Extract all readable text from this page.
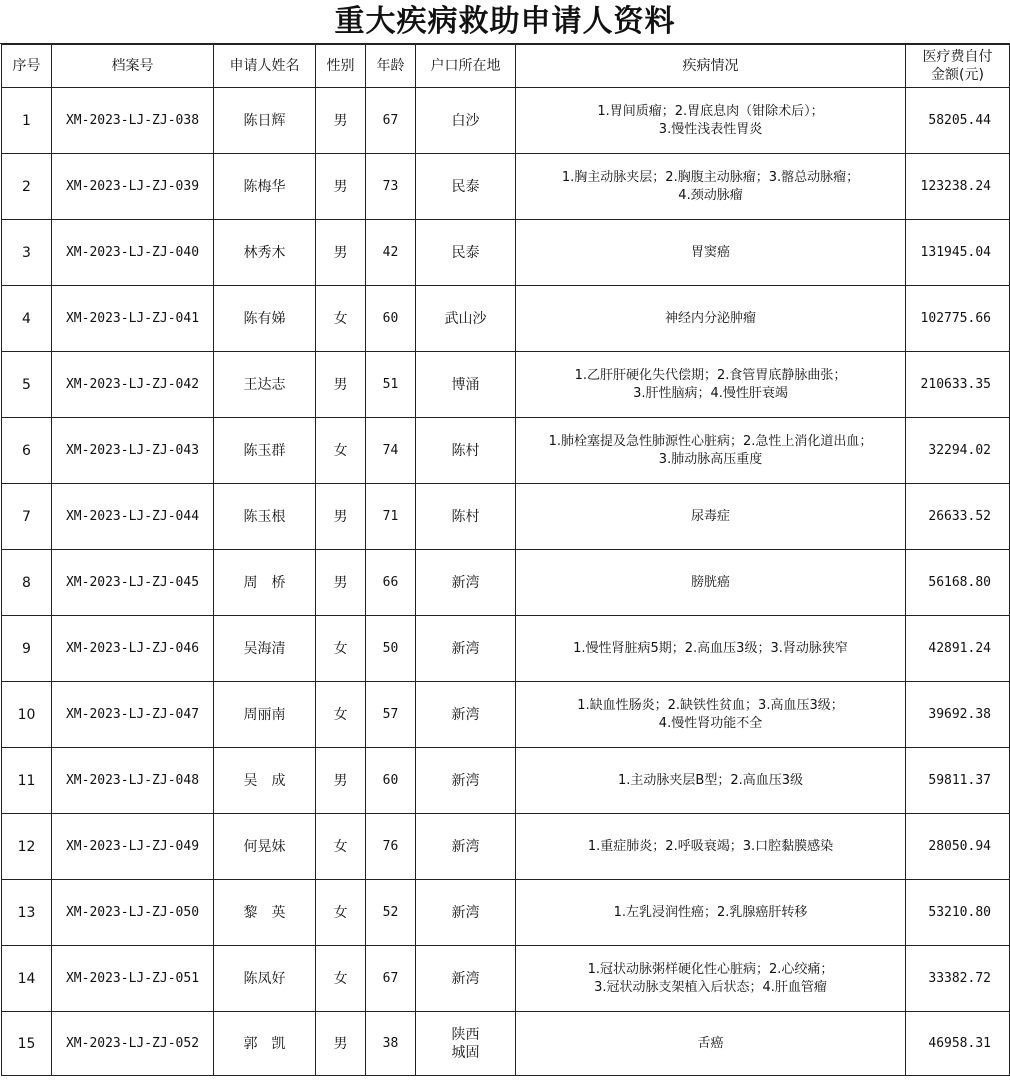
重大疾病救助申请人资料
序号	档案号	申请人姓名	性别	年龄	户口所在地	疾病情况	医疗费自付
金额(元)

1	XM-2023-LJ-ZJ-038	陈日辉	男	67	白沙	1.胃间质瘤；2.胃底息肉（钳除术后）；
3.慢性浅表性胃炎	58205.44
2	XM-2023-LJ-ZJ-039	陈梅华	男	73	民泰	1.胸主动脉夹层；2.胸腹主动脉瘤；3.髂总动脉瘤；
4.颈动脉瘤	123238.24
3	XM-2023-LJ-ZJ-040	林秀木	男	42	民泰	胃窦癌	131945.04
4	XM-2023-LJ-ZJ-041	陈有娣	女	60	武山沙	神经内分泌肿瘤	102775.66
5	XM-2023-LJ-ZJ-042	王达志	男	51	博涌	1.乙肝肝硬化失代偿期；2.食管胃底静脉曲张；
3.肝性脑病；4.慢性肝衰竭	210633.35
6	XM-2023-LJ-ZJ-043	陈玉群	女	74	陈村	1.肺栓塞提及急性肺源性心脏病；2.急性上消化道出血；
3.肺动脉高压重度	32294.02
7	XM-2023-LJ-ZJ-044	陈玉根	男	71	陈村	尿毒症	26633.52
8	XM-2023-LJ-ZJ-045	周　桥	男	66	新湾	膀胱癌	56168.80
9	XM-2023-LJ-ZJ-046	吴海清	女	50	新湾	1.慢性肾脏病5期；2.高血压3级；3.肾动脉狭窄	42891.24
10	XM-2023-LJ-ZJ-047	周丽南	女	57	新湾	1.缺血性肠炎；2.缺铁性贫血；3.高血压3级；
4.慢性肾功能不全	39692.38
11	XM-2023-LJ-ZJ-048	吴　成	男	60	新湾	1.主动脉夹层B型；2.高血压3级	59811.37
12	XM-2023-LJ-ZJ-049	何晃妹	女	76	新湾	1.重症肺炎；2.呼吸衰竭；3.口腔黏膜感染	28050.94
13	XM-2023-LJ-ZJ-050	黎　英	女	52	新湾	1.左乳浸润性癌；2.乳腺癌肝转移	53210.80
14	XM-2023-LJ-ZJ-051	陈凤好	女	67	新湾	1.冠状动脉粥样硬化性心脏病；2.心绞痛；
3.冠状动脉支架植入后状态；4.肝血管瘤	33382.72
15	XM-2023-LJ-ZJ-052	郭　凯	男	38	陕西
城固	舌癌	46958.31
